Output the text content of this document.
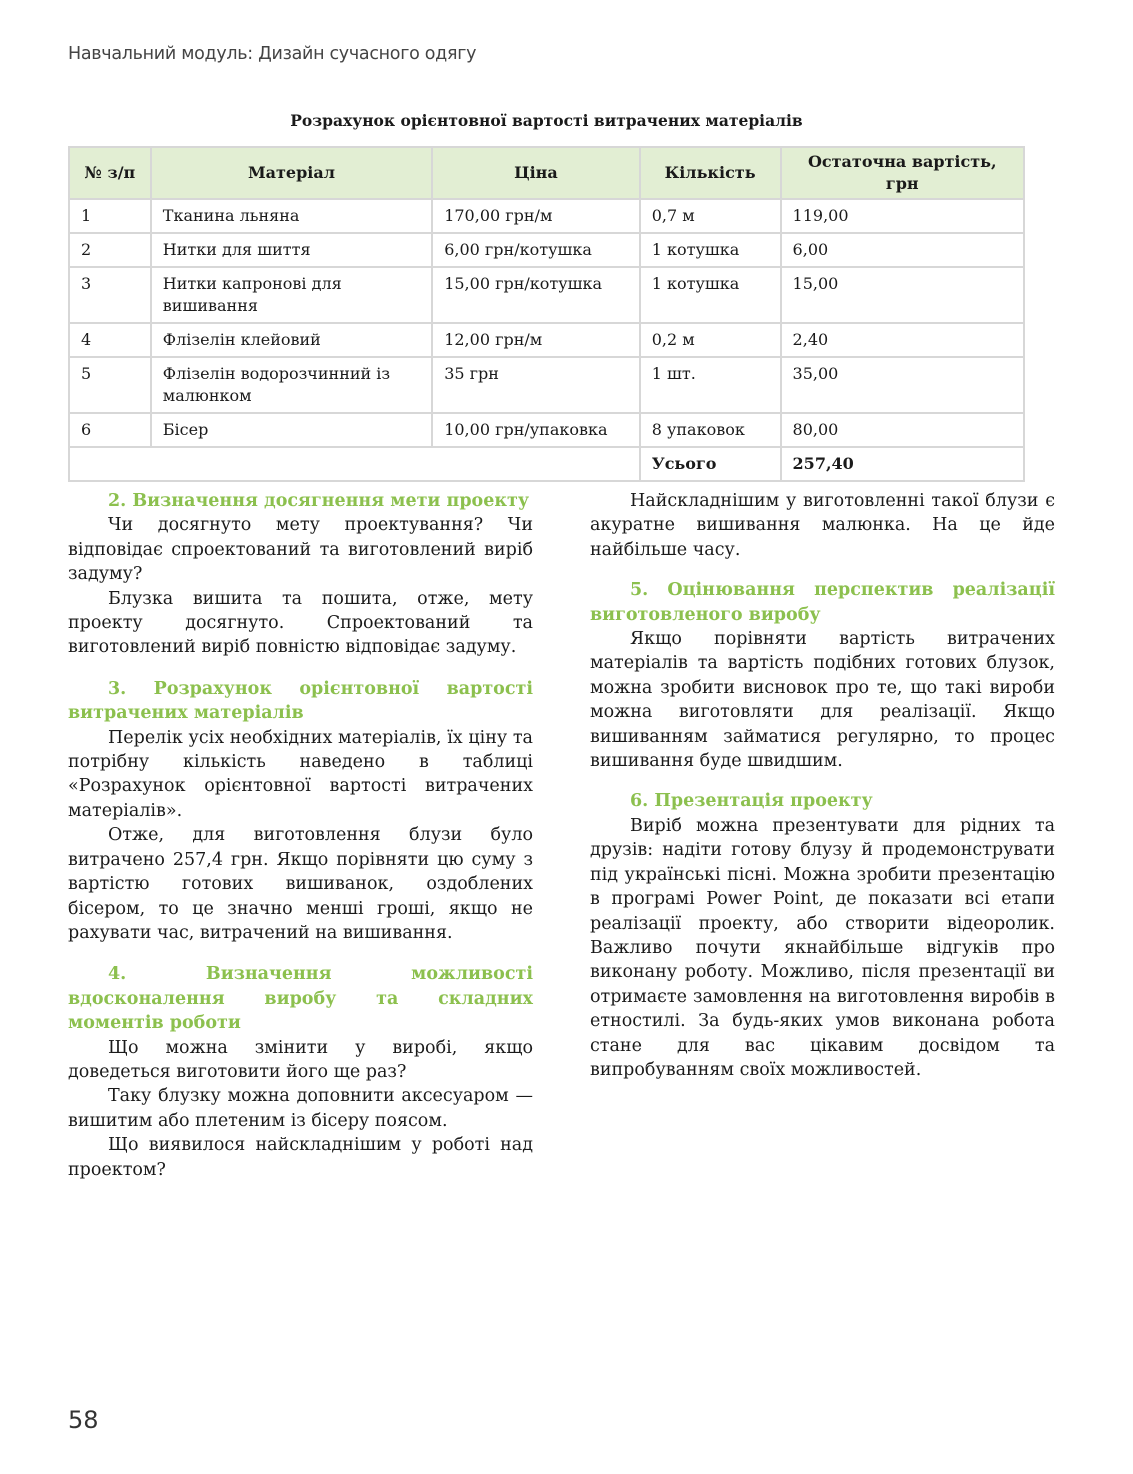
Навчальний модуль: Дизайн сучасного одягу
Розрахунок орієнтовної вартості витрачених матеріалів
№ з/п	Матеріал	Ціна	Кількість	Остаточна вартість, грн
1	Тканина льняна	170,00 грн/м	0,7 м	119,00
2	Нитки для шиття	6,00 грн/котушка	1 котушка	6,00
3	Нитки капронові для вишивання	15,00 грн/котушка	1 котушка	15,00
4	Флізелін клейовий	12,00 грн/м	0,2 м	2,40
5	Флізелін водорозчинний із малюнком	35 грн	1 шт.	35,00
6	Бісер	10,00 грн/упаковка	8 упаковок	80,00
			Усього	257,40
2. Визначення досягнення мети проекту

Чи досягнуто мету проектування? Чи відповідає спроектований та виготовлений виріб задуму?

Блузка вишита та пошита, отже, мету проекту досягнуто. Спроектований та виготовлений виріб повністю відповідає задуму.

3. Розрахунок орієнтовної вартості витрачених матеріалів

Перелік усіх необхідних матеріалів, їх ціну та потрібну кількість наведено в таблиці «Розрахунок орієнтовної вартості витрачених матеріалів».

Отже, для виготовлення блузи було витрачено 257,4 грн. Якщо порівняти цю суму з вартістю готових вишиванок, оздоблених бісером, то це значно менші гроші, якщо не рахувати час, витрачений на вишивання.

4. Визначення можливості вдосконалення виробу та складних моментів роботи

Що можна змінити у виробі, якщо доведеться виготовити його ще раз?

Таку блузку можна доповнити аксесуаром — вишитим або плетеним із бісеру поясом.

Що виявилося найскладнішим у роботі над проектом?

Найскладнішим у виготовленні такої блузи є акуратне вишивання малюнка. На це йде найбільше часу.

5. Оцінювання перспектив реалізації виготовленого виробу

Якщо порівняти вартість витрачених матеріалів та вартість подібних готових блузок, можна зробити висновок про те, що такі вироби можна виготовляти для реалізації. Якщо вишиванням займатися регулярно, то процес вишивання буде швидшим.

6. Презентація проекту

Виріб можна презентувати для рідних та друзів: надіти готову блузу й продемонструвати під українські пісні. Можна зробити презентацію в програмі Power Point, де показати всі етапи реалізації проекту, або створити відеоролик. Важливо почути якнайбільше відгуків про виконану роботу. Можливо, після презентації ви отримаєте замовлення на виготовлення виробів в етностилі. За будь-яких умов виконана робота стане для вас цікавим досвідом та випробуванням своїх можливостей.

58
